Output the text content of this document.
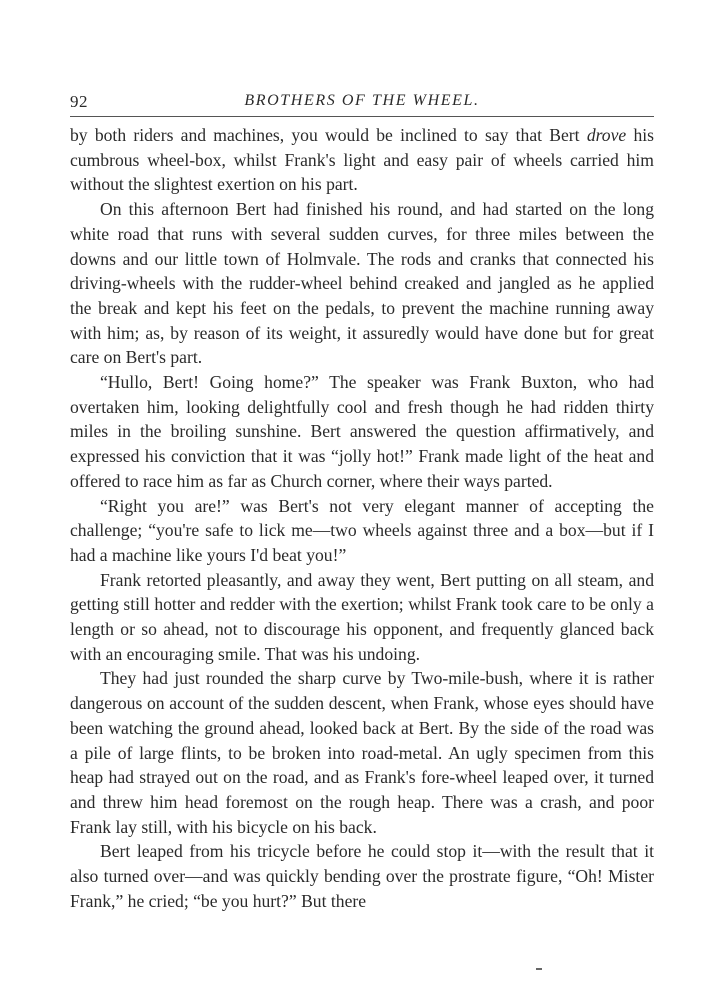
92	BROTHERS OF THE WHEEL.

by both riders and machines, you would be inclined to say that Bert drove his cumbrous wheel-box, whilst Frank's light and easy pair of wheels carried him without the slightest exertion on his part.

On this afternoon Bert had finished his round, and had started on the long white road that runs with several sudden curves, for three miles between the downs and our little town of Holmvale. The rods and cranks that connected his driving-wheels with the rudder-wheel behind creaked and jangled as he applied the break and kept his feet on the pedals, to prevent the machine running away with him; as, by reason of its weight, it assuredly would have done but for great care on Bert's part.

“Hullo, Bert! Going home?” The speaker was Frank Buxton, who had overtaken him, looking delightfully cool and fresh though he had ridden thirty miles in the broiling sunshine. Bert answered the question affirmatively, and expressed his conviction that it was “jolly hot!” Frank made light of the heat and offered to race him as far as Church corner, where their ways parted.

“Right you are!” was Bert's not very elegant manner of accepting the challenge; “you're safe to lick me—two wheels against three and a box—but if I had a machine like yours I'd beat you!”

Frank retorted pleasantly, and away they went, Bert putting on all steam, and getting still hotter and redder with the exertion; whilst Frank took care to be only a length or so ahead, not to discourage his opponent, and frequently glanced back with an encouraging smile. That was his undoing.

They had just rounded the sharp curve by Two-mile-bush, where it is rather dangerous on account of the sudden descent, when Frank, whose eyes should have been watching the ground ahead, looked back at Bert. By the side of the road was a pile of large flints, to be broken into road-metal. An ugly specimen from this heap had strayed out on the road, and as Frank's fore-wheel leaped over, it turned and threw him head foremost on the rough heap. There was a crash, and poor Frank lay still, with his bicycle on his back.

Bert leaped from his tricycle before he could stop it—with the result that it also turned over—and was quickly bending over the prostrate figure, “Oh! Mister Frank,” he cried; “be you hurt?” But there
